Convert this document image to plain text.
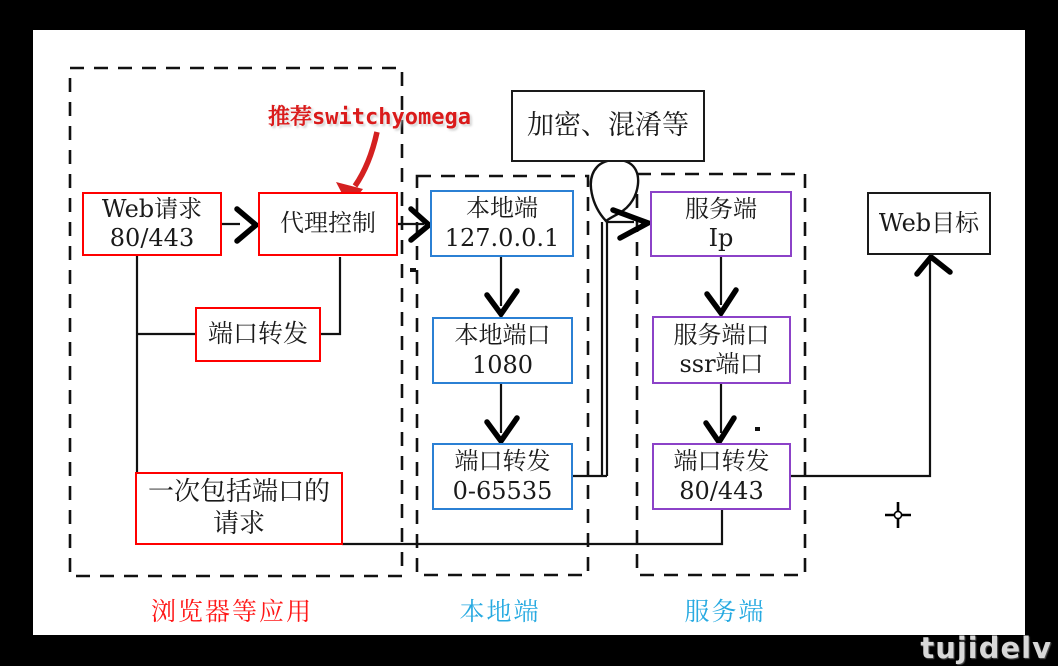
Web请求
80/443
代理控制
端口转发
一次包括端口的
请求
本地端
127.0.0.1
本地端口
1080
端口转发
0-65535
服务端
Ip
服务端口
ssr端口
端口转发
80/443
加密、混淆等
Web目标
推荐switchyomega
浏览器等应用	本地端	服务端
tujidelv
